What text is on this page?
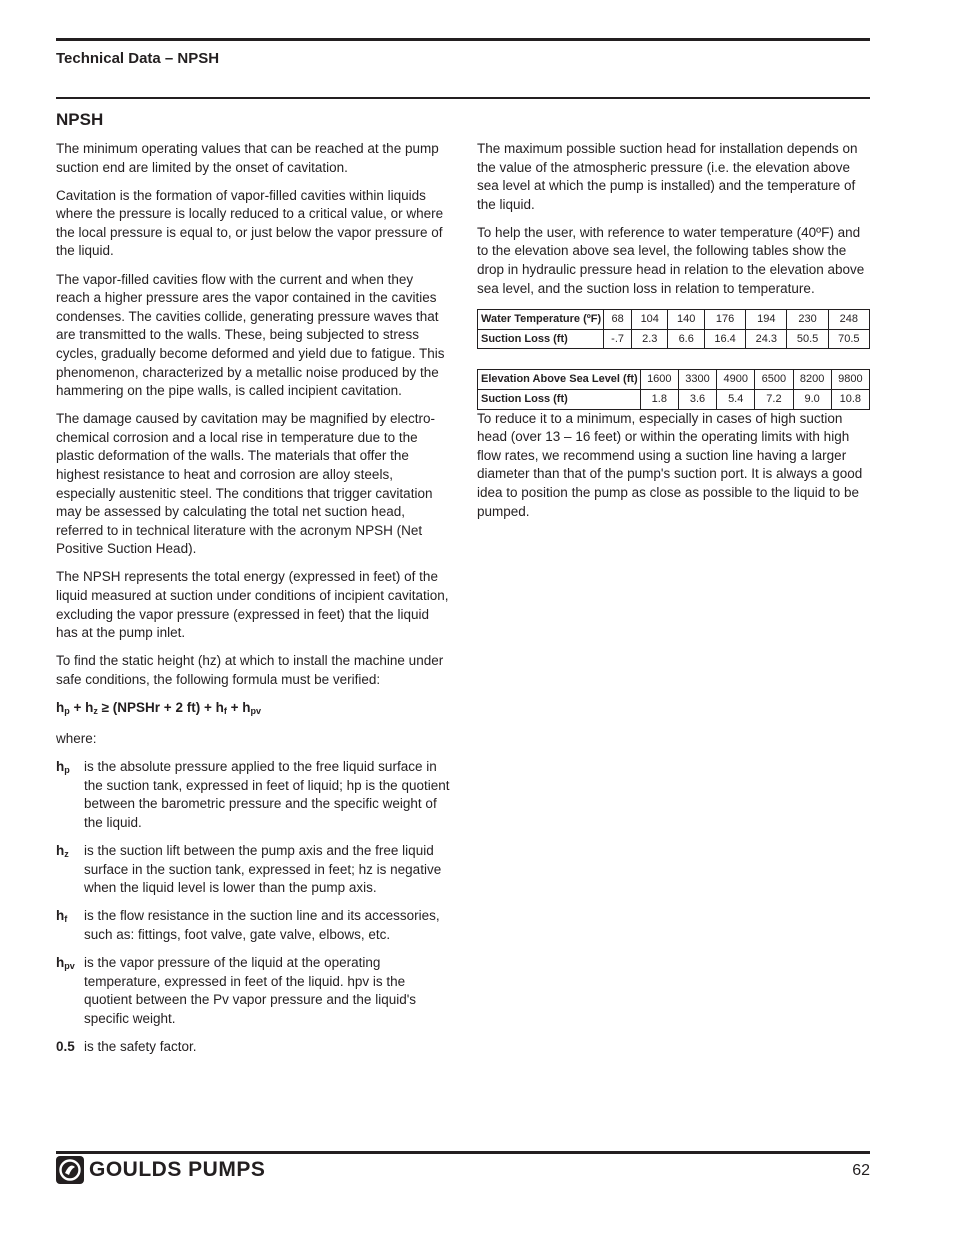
Technical Data – NPSH
NPSH

The minimum operating values that can be reached at the pump suction end are limited by the onset of cavitation.

Cavitation is the formation of vapor-filled cavities within liquids where the pressure is locally reduced to a critical value, or where the local pressure is equal to, or just below the vapor pressure of the liquid.

The vapor-filled cavities flow with the current and when they reach a higher pressure ares the vapor contained in the cavities condenses. The cavities collide, generating pressure waves that are transmitted to the walls. These, being subjected to stress cycles, gradually become deformed and yield due to fatigue. This phenomenon, characterized by a metallic noise produced by the hammering on the pipe walls, is called incipient cavitation.

The damage caused by cavitation may be magnified by electro-chemical corrosion and a local rise in temperature due to the plastic deformation of the walls. The materials that offer the highest resistance to heat and corrosion are alloy steels, especially austenitic steel. The conditions that trigger cavitation may be assessed by calculating the total net suction head, referred to in technical literature with the acronym NPSH (Net Positive Suction Head).

The NPSH represents the total energy (expressed in feet) of the liquid measured at suction under conditions of incipient cavitation, excluding the vapor pressure (expressed in feet) that the liquid has at the pump inlet.

To find the static height (hz) at which to install the machine under safe conditions, the following formula must be verified:

$h_p + h_z$ ≥ (NPSHr + 2 $ft) + h_f + h_{pv}$

where:

$h_p$	is the absolute pressure applied to the free liquid surface in the suction tank, expressed in feet of liquid; hp is the quotient between the barometric pressure and the specific weight of the liquid.
$h_z$	is the suction lift between the pump axis and the free liquid surface in the suction tank, expressed in feet; hz is negative when the liquid level is lower than the pump axis.
$h_f$	is the flow resistance in the suction line and its accessories, such as: fittings, foot valve, gate valve, elbows, etc.
$h_{pv}$ is the vapor pressure of the liquid at the operating temperature, expressed in feet of the liquid. hpv is the quotient between the Pv vapor pressure and the liquid's specific weight.
0.5 is the safety factor.

The maximum possible suction head for installation depends on the value of the atmospheric pressure (i.e. the elevation above sea level at which the pump is installed) and the temperature of the liquid.

To help the user, with reference to water temperature (40ºF) and to the elevation above sea level, the following tables show the drop in hydraulic pressure head in relation to the elevation above sea level, and the suction loss in relation to temperature.

Water Temperature (ºF)	68	104	140	176	194	230	248
Suction Loss (ft)	-.7	2.3	6.6	16.4	24.3	50.5	70.5
Elevation Above Sea Level (ft)	1600	3300	4900	6500	8200	9800
Suction Loss (ft)	1.8	3.6	5.4	7.2	9.0	10.8

To reduce it to a minimum, especially in cases of high suction head (over 13 – 16 feet) or within the operating limits with high flow rates, we recommend using a suction line having a larger diameter than that of the pump's suction port. It is always a good idea to position the pump as close as possible to the liquid to be pumped.

GOULDS PUMPS	62
